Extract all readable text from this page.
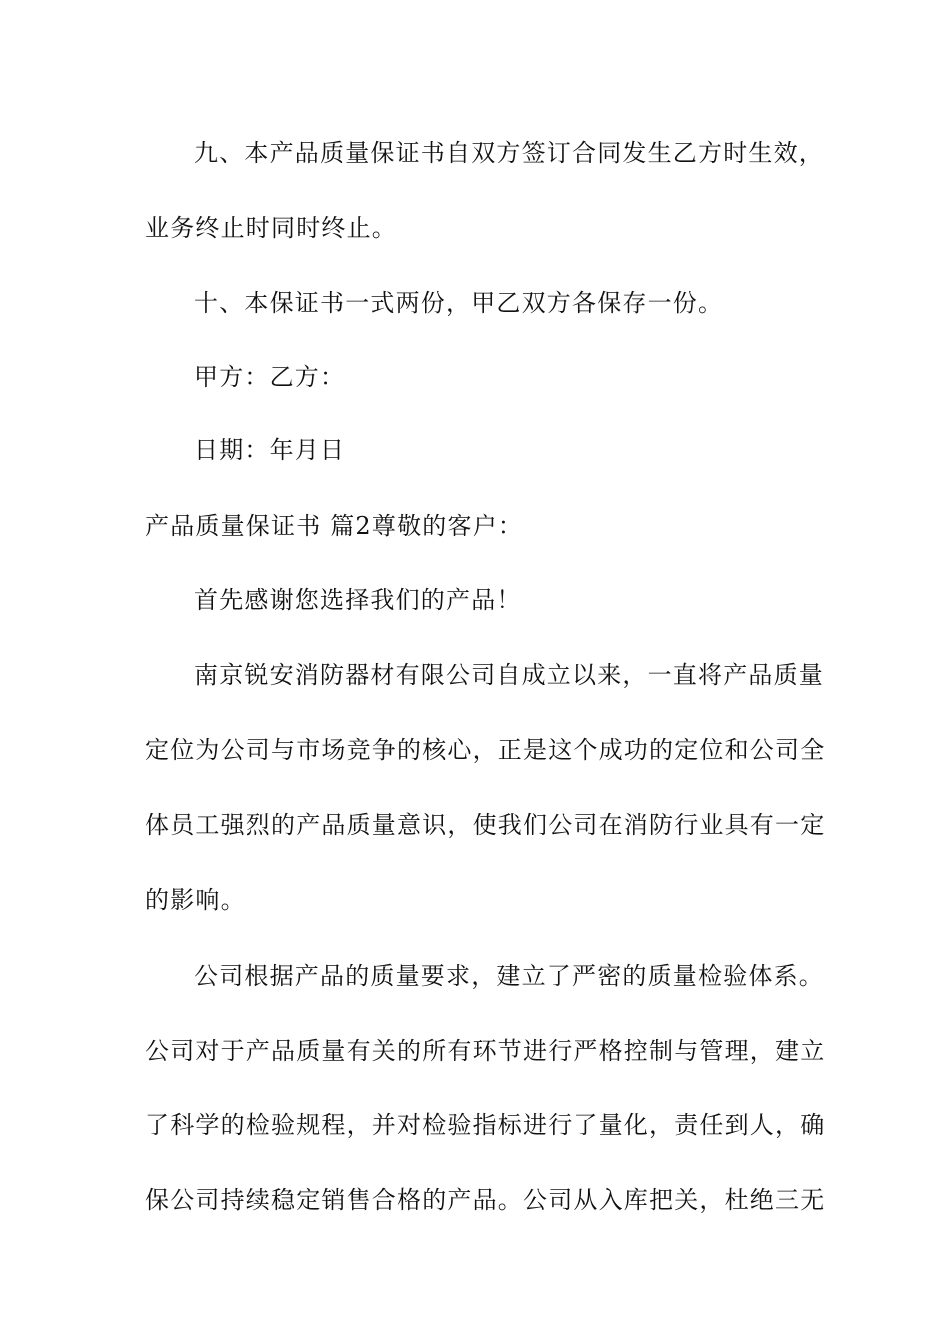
九、本产品质量保证书自双方签订合同发生乙方时生效，
业务终止时同时终止。
十、本保证书一式两份，甲乙双方各保存一份。
甲方：乙方：
日期：年月日
产品质量保证书 篇2尊敬的客户：
首先感谢您选择我们的产品！
南京锐安消防器材有限公司自成立以来，一直将产品质量
定位为公司与市场竞争的核心，正是这个成功的定位和公司全
体员工强烈的产品质量意识，使我们公司在消防行业具有一定
的影响。
公司根据产品的质量要求，建立了严密的质量检验体系。
公司对于产品质量有关的所有环节进行严格控制与管理，建立
了科学的检验规程，并对检验指标进行了量化，责任到人，确
保公司持续稳定销售合格的产品。公司从入库把关，杜绝三无
